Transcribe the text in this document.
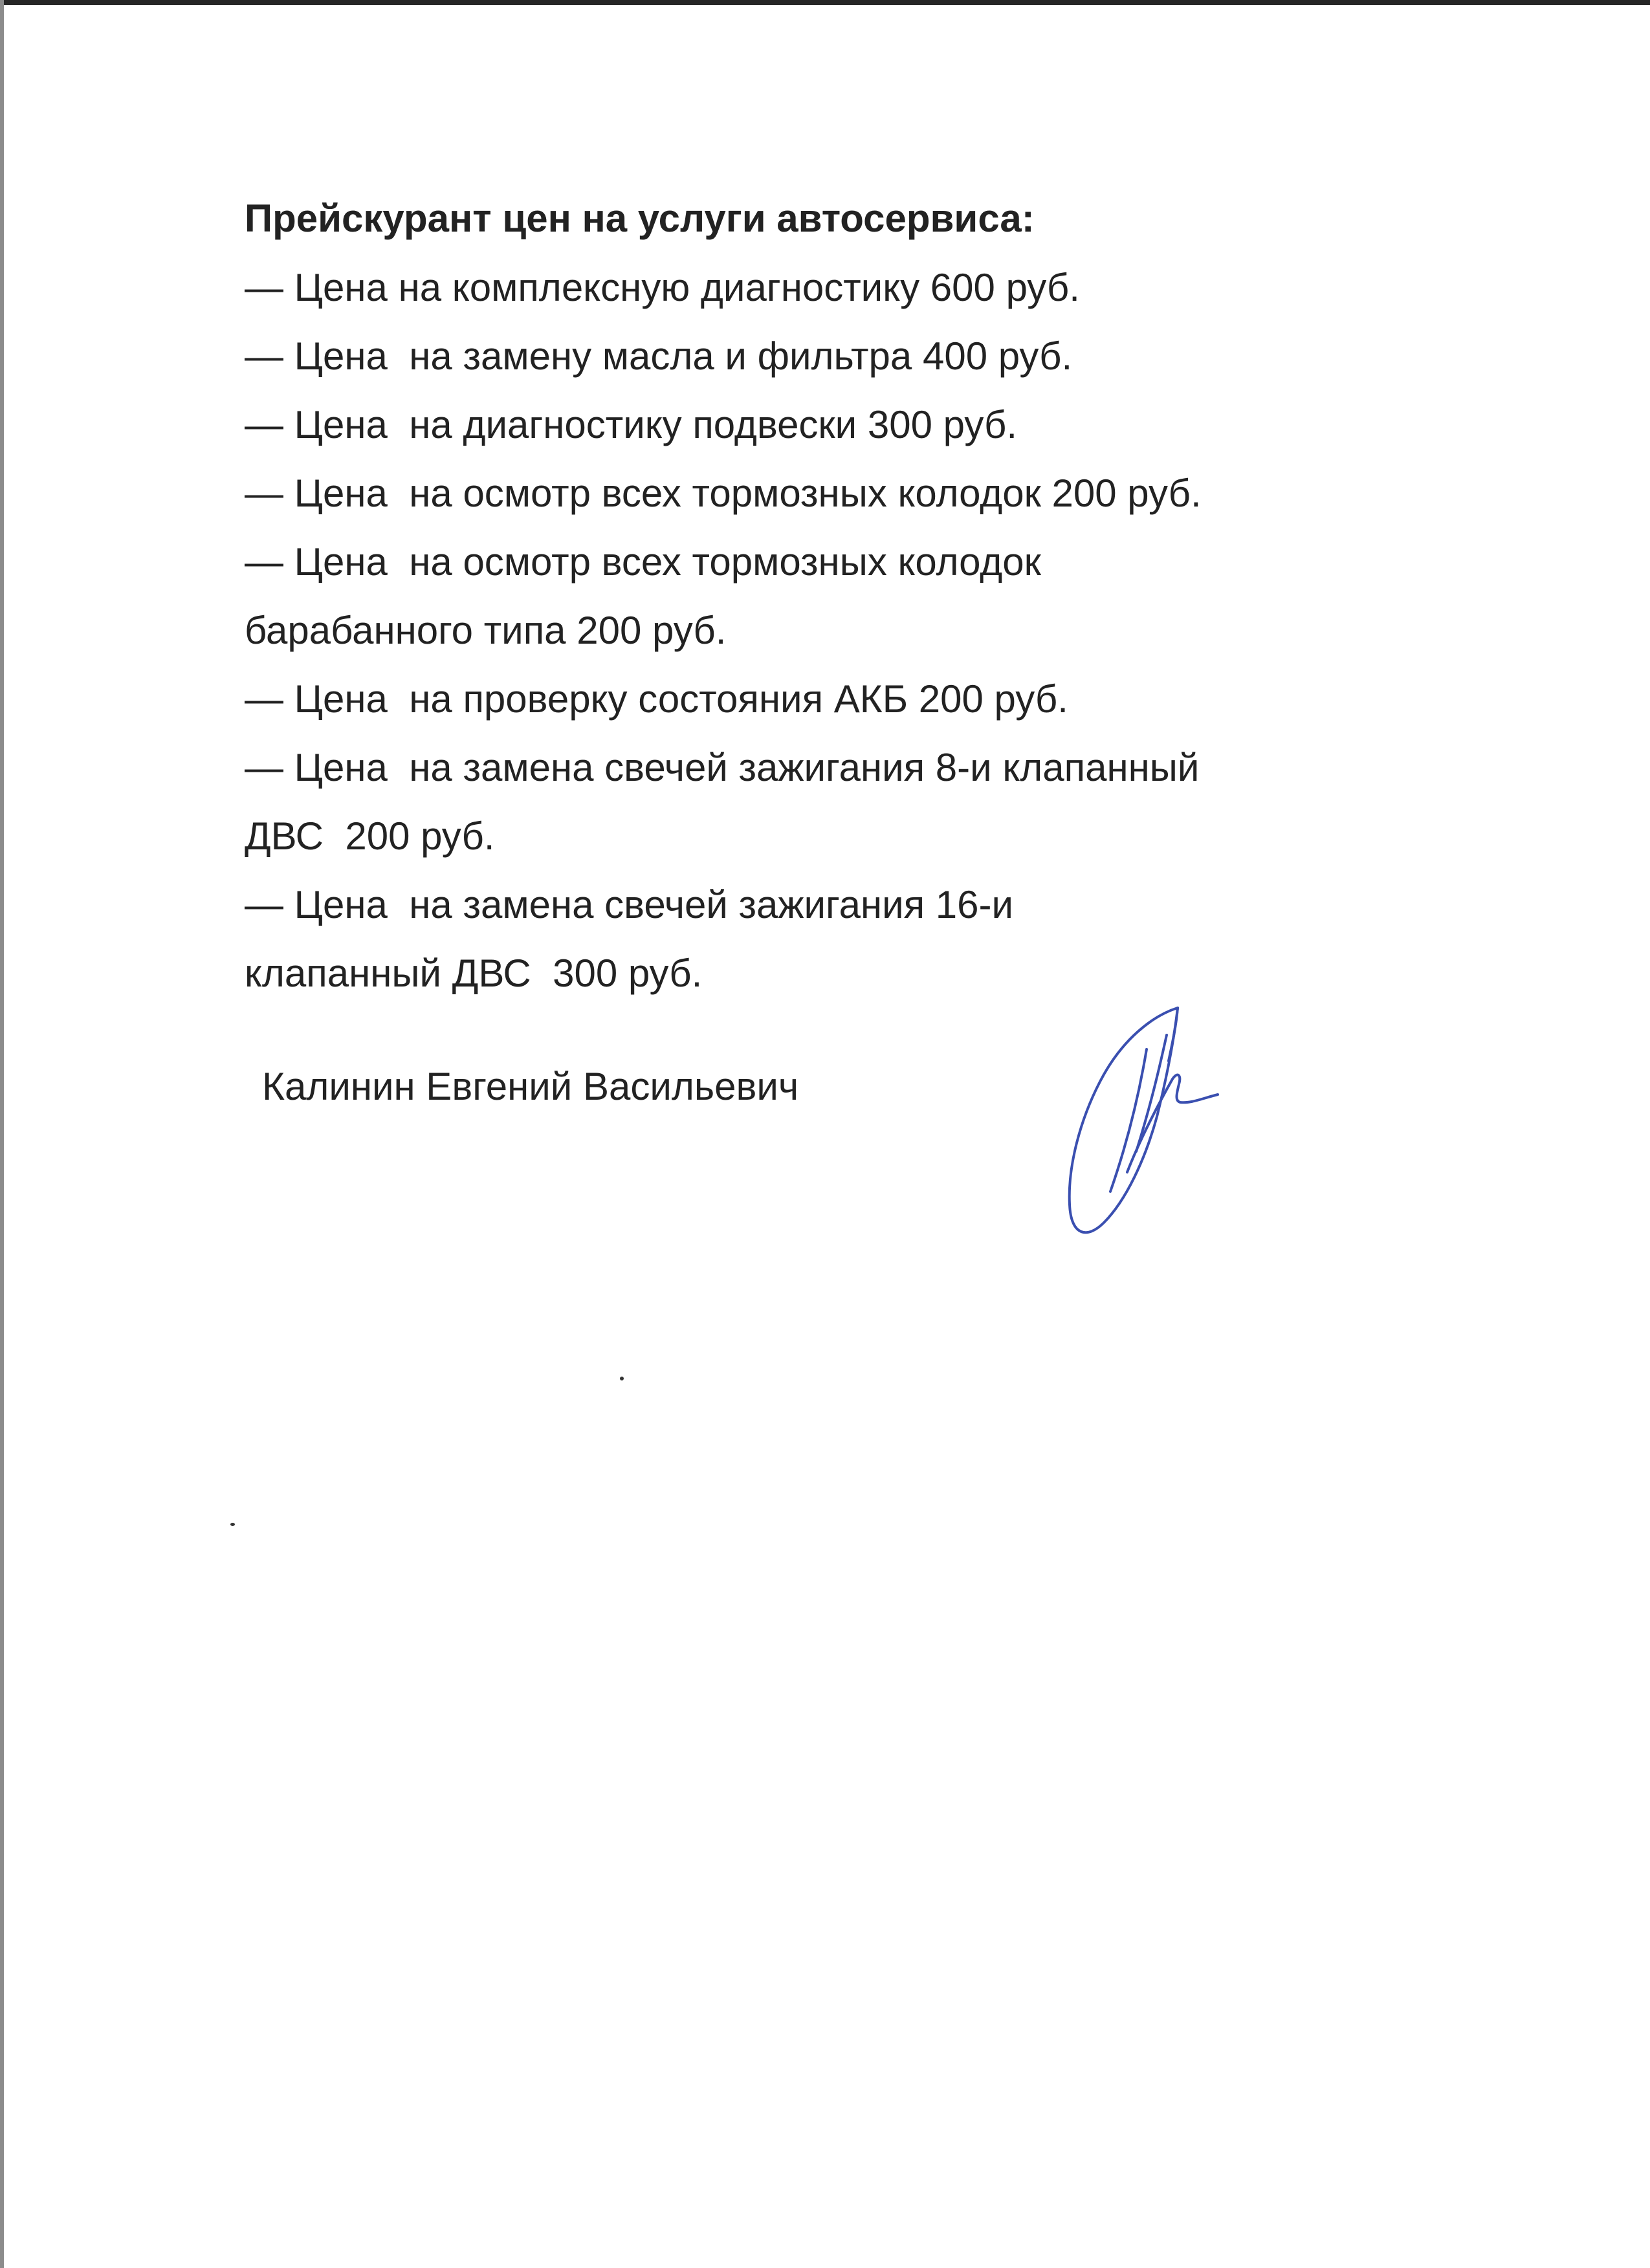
Прейскурант цен на услуги автосервиса:

— Цена на комплексную диагностику 600 руб.

— Цена  на замену масла и фильтра 400 руб.

— Цена  на диагностику подвески 300 руб.

— Цена  на осмотр всех тормозных колодок 200 руб.

— Цена  на осмотр всех тормозных колодок

барабанного типа 200 руб.

— Цена  на проверку состояния АКБ 200 руб.

— Цена  на замена свечей зажигания 8-и клапанный

ДВС  200 руб.

— Цена  на замена свечей зажигания 16-и

клапанный ДВС  300 руб.

Калинин Евгений Васильевич
